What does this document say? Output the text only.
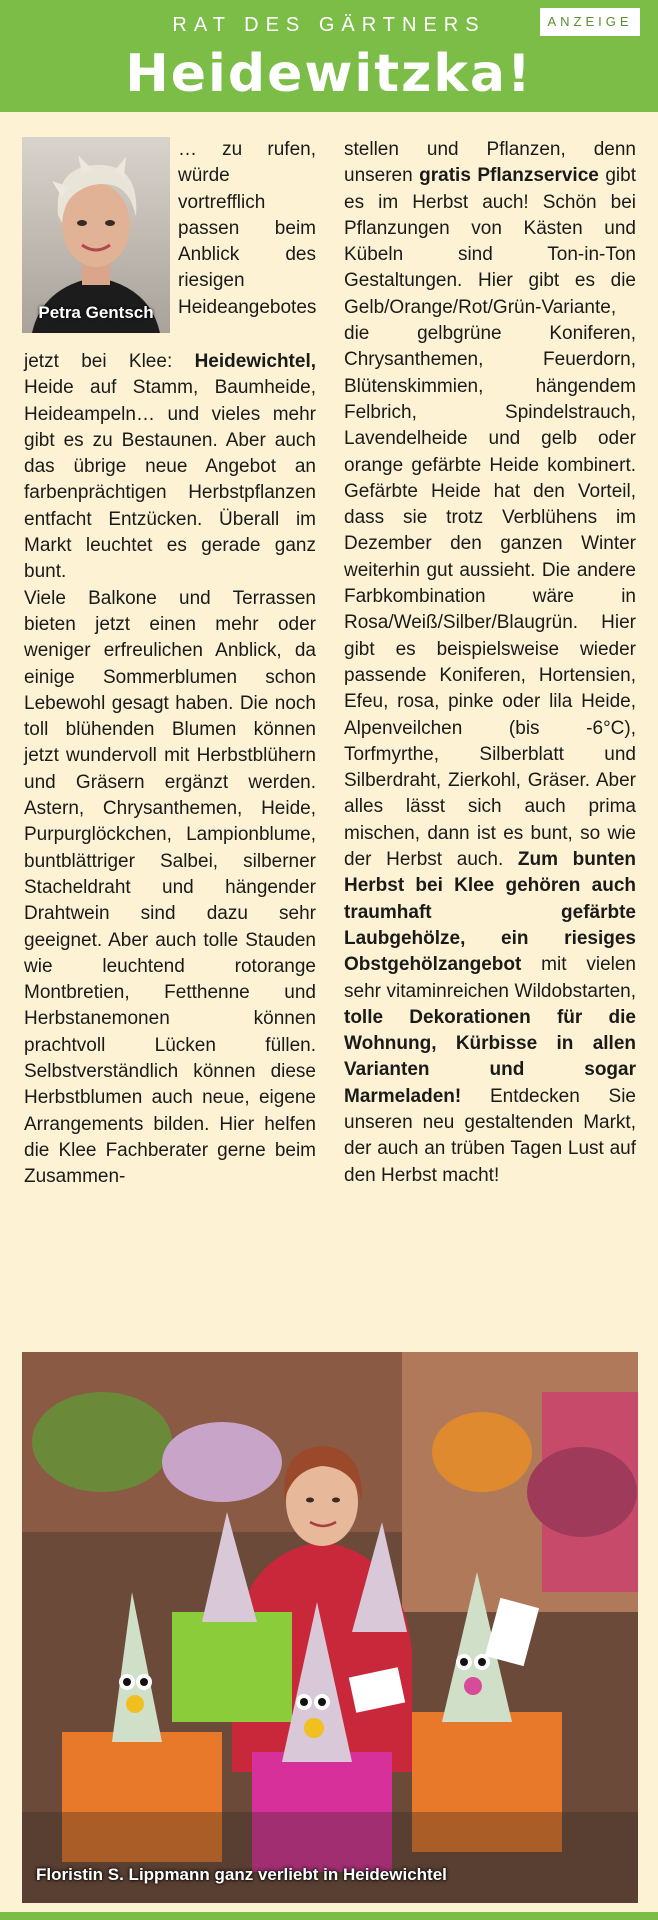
RAT DES GÄRTNERS	ANZEIGE
Heidewitzka!
Petra Gentsch

… zu rufen, würde vortrefflich passen beim Anblick des riesigen Heideangebotes

jetzt bei Klee: Heidewichtel, Heide auf Stamm, Baumheide, Heideampeln… und vieles mehr gibt es zu Bestaunen. Aber auch das übrige neue Angebot an farbenprächtigen Herbstpflanzen entfacht Entzücken. Überall im Markt leuchtet es gerade ganz bunt.

Viele Balkone und Terrassen bieten jetzt einen mehr oder weniger erfreulichen Anblick, da einige Sommerblumen schon Lebewohl gesagt haben. Die noch toll blühenden Blumen können jetzt wundervoll mit Herbstblühern und Gräsern ergänzt werden. Astern, Chrysanthemen, Heide, Purpurglöckchen, Lampionblume, buntblättriger Salbei, silberner Stacheldraht und hängender Drahtwein sind dazu sehr geeignet. Aber auch tolle Stauden wie leuchtend rotorange Montbretien, Fetthenne und Herbstanemonen können prachtvoll Lücken füllen. Selbstverständlich können diese Herbstblumen auch neue, eigene Arrangements bilden. Hier helfen die Klee Fachberater gerne beim Zusammen-

stellen und Pflanzen, denn unseren gratis Pflanzservice gibt es im Herbst auch! Schön bei Pflanzungen von Kästen und Kübeln sind Ton-in-Ton Gestaltungen. Hier gibt es die Gelb/Orange/Rot/Grün-Variante, die gelbgrüne Koniferen, Chrysanthemen, Feuerdorn, Blütenskimmien, hängendem Felbrich, Spindelstrauch, Lavendelheide und gelb oder orange gefärbte Heide kombinert. Gefärbte Heide hat den Vorteil, dass sie trotz Verblühens im Dezember den ganzen Winter weiterhin gut aussieht. Die andere Farbkombination wäre in Rosa/Weiß/Silber/Blaugrün. Hier gibt es beispielsweise wieder passende Koniferen, Hortensien, Efeu, rosa, pinke oder lila Heide, Alpenveilchen (bis -6°C), Torfmyrthe, Silberblatt und Silberdraht, Zierkohl, Gräser. Aber alles lässt sich auch prima mischen, dann ist es bunt, so wie der Herbst auch. Zum bunten Herbst bei Klee gehören auch traumhaft gefärbte Laubgehölze, ein riesiges Obstgehölzangebot mit vielen sehr vitaminreichen Wildobstarten, tolle Dekorationen für die Wohnung, Kürbisse in allen Varianten und sogar Marmeladen! Entdecken Sie unseren neu gestaltenden Markt, der auch an trüben Tagen Lust auf den Herbst macht!

Floristin S. Lippmann ganz verliebt in Heidewichtel
